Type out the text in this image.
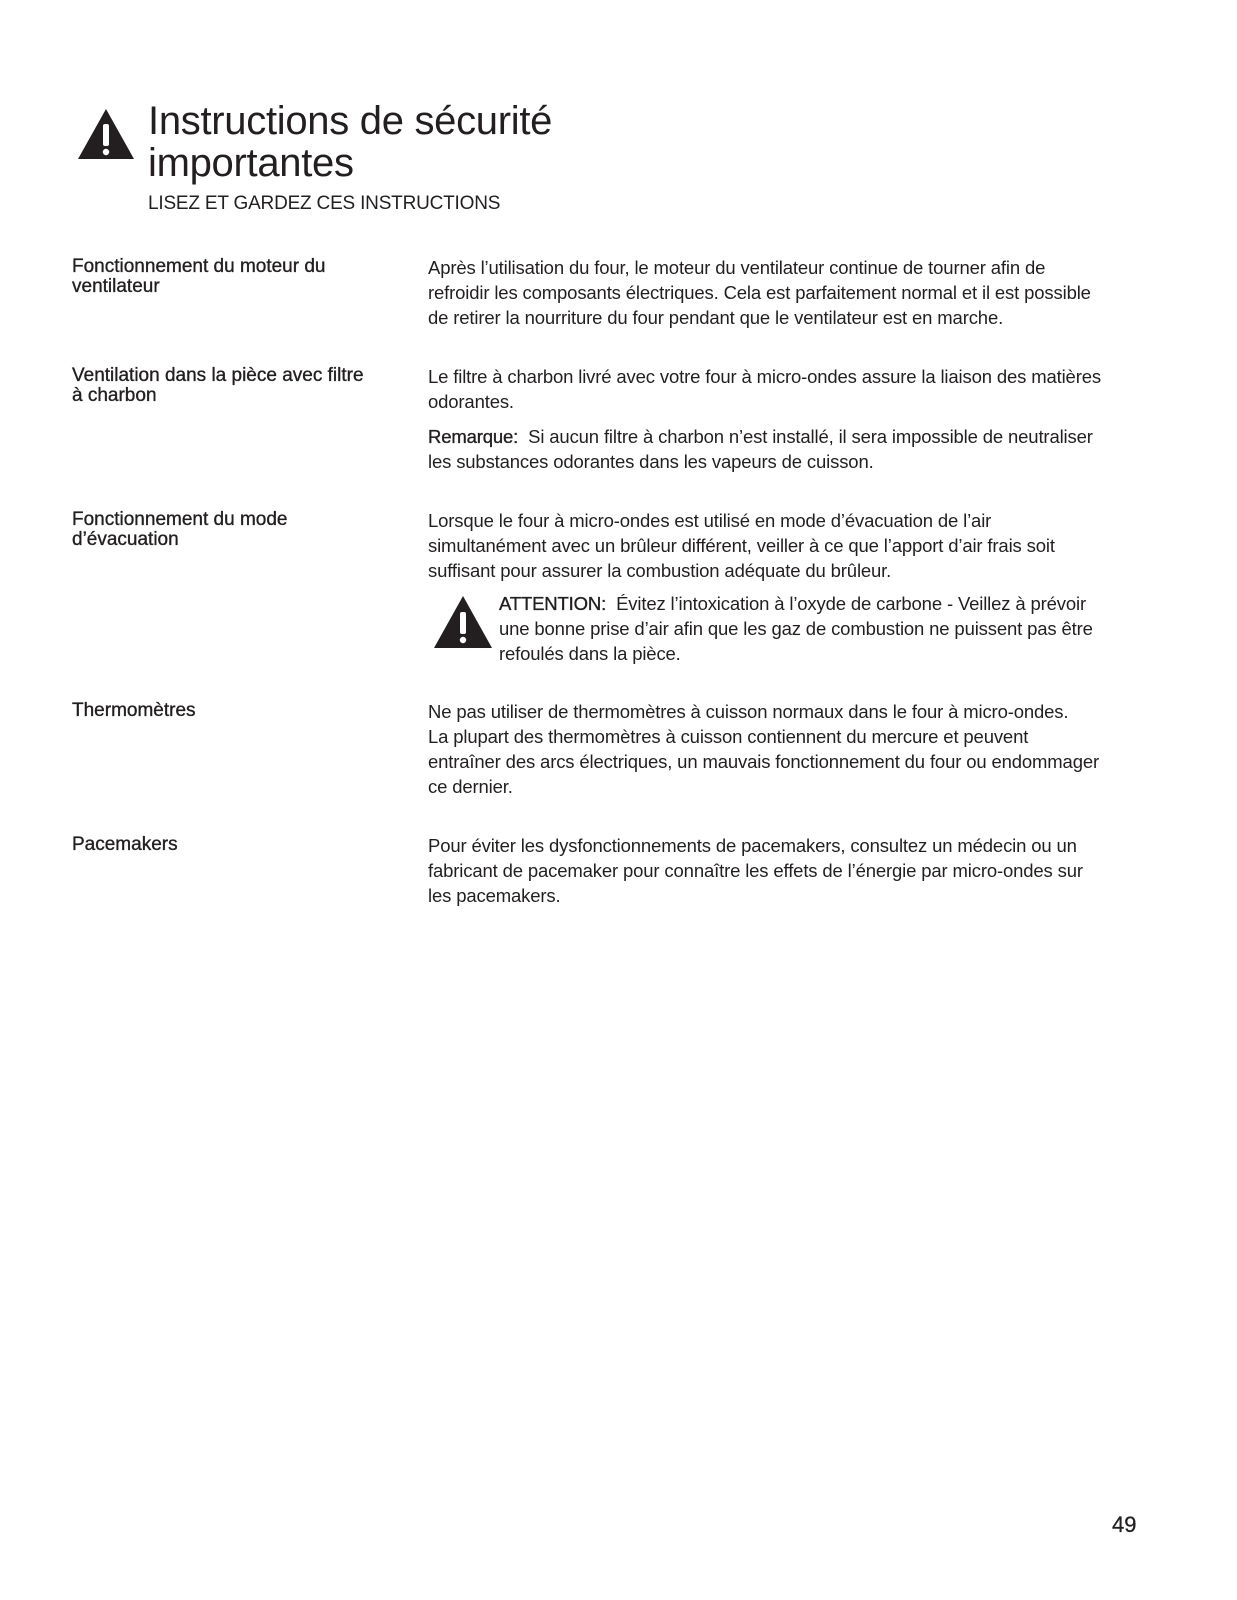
Instructions de sécurité
importantes
LISEZ ET GARDEZ CES INSTRUCTIONS
Fonctionnement du moteur du
ventilateur

Après l’utilisation du four, le moteur du ventilateur continue de tourner afin de
refroidir les composants électriques. Cela est parfaitement normal et il est possible
de retirer la nourriture du four pendant que le ventilateur est en marche.

Ventilation dans la pièce avec filtre
à charbon

Le filtre à charbon livré avec votre four à micro-ondes assure la liaison des matières
odorantes.

Remarque: Si aucun filtre à charbon n’est installé, il sera impossible de neutraliser
les substances odorantes dans les vapeurs de cuisson.

Fonctionnement du mode
d’évacuation

Lorsque le four à micro-ondes est utilisé en mode d’évacuation de l’air
simultanément avec un brûleur différent, veiller à ce que l’apport d’air frais soit
suffisant pour assurer la combustion adéquate du brûleur.

ATTENTION: Évitez l’intoxication à l’oxyde de carbone - Veillez à prévoir
une bonne prise d’air afin que les gaz de combustion ne puissent pas être
refoulés dans la pièce.

Thermomètres	Ne pas utiliser de thermomètres à cuisson normaux dans le four à micro-ondes.
La plupart des thermomètres à cuisson contiennent du mercure et peuvent
entraîner des arcs électriques, un mauvais fonctionnement du four ou endommager
ce dernier.

Pacemakers	Pour éviter les dysfonctionnements de pacemakers, consultez un médecin ou un
fabricant de pacemaker pour connaître les effets de l’énergie par micro-ondes sur
les pacemakers.

49
